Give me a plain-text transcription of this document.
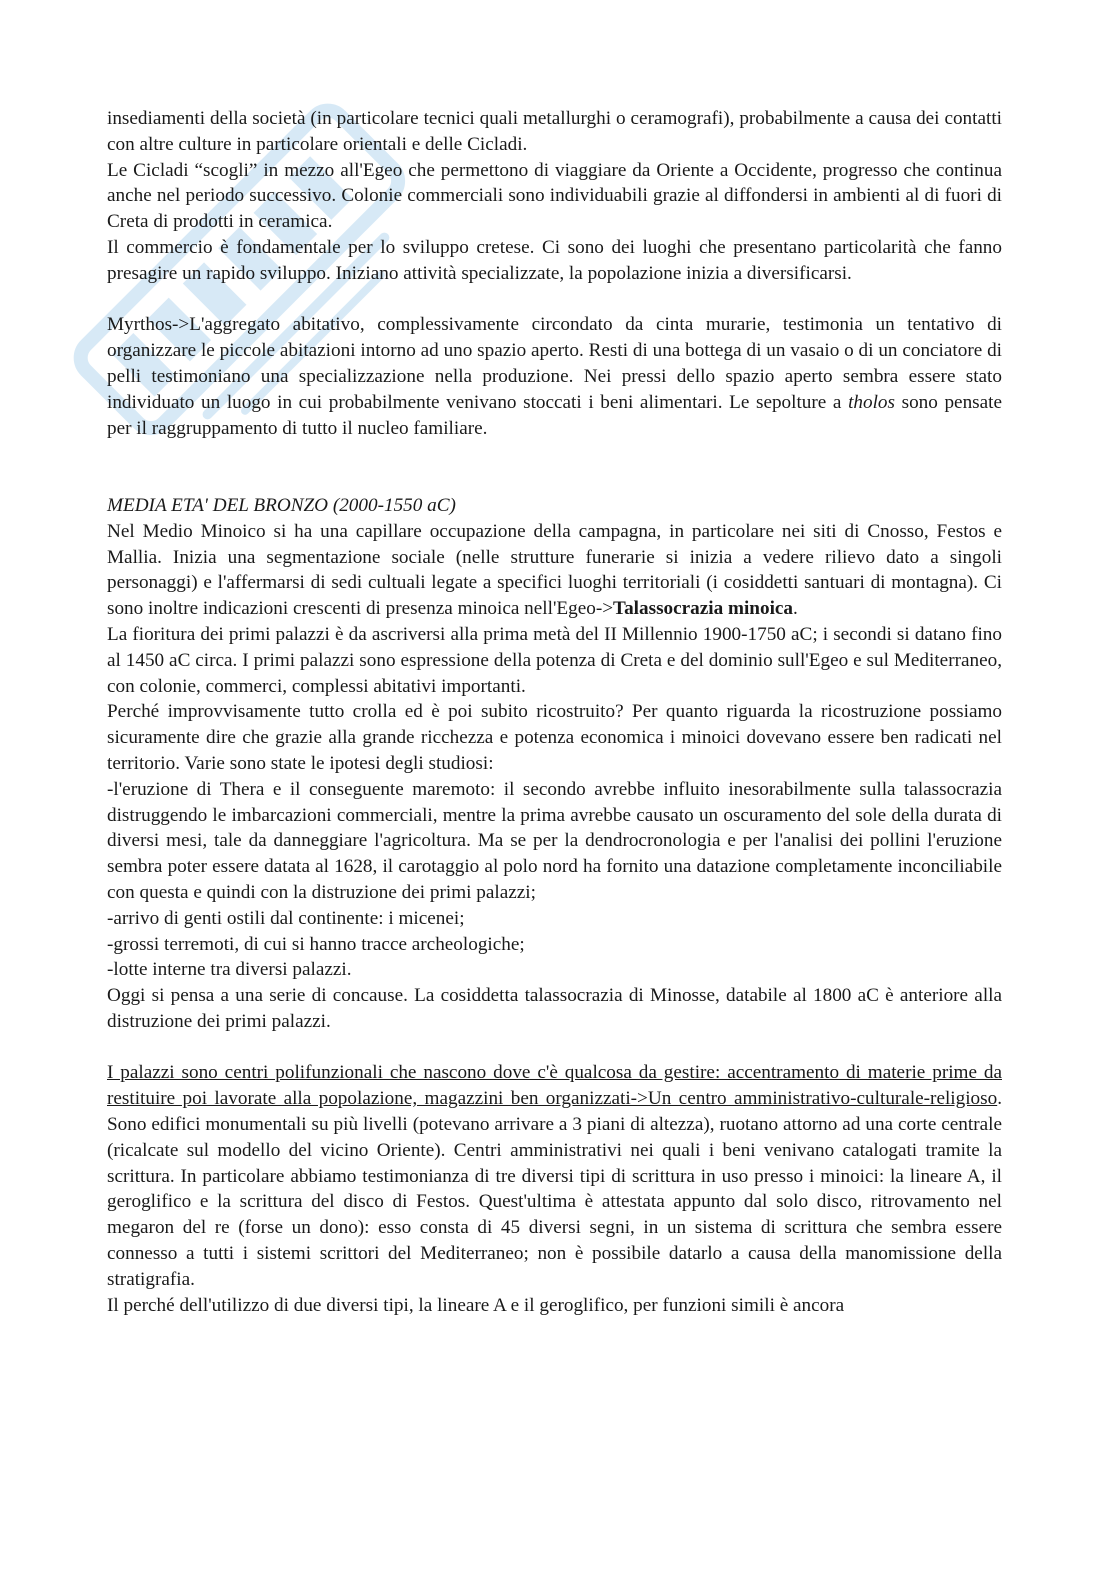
insediamenti della società (in particolare tecnici quali metallurghi o ceramografi), probabilmente a causa dei contatti con altre culture in particolare orientali e delle Cicladi.

Le Cicladi “scogli” in mezzo all'Egeo che permettono di viaggiare da Oriente a Occidente, progresso che continua anche nel periodo successivo. Colonie commerciali sono individuabili grazie al diffondersi in ambienti al di fuori di Creta di prodotti in ceramica.

Il commercio è fondamentale per lo sviluppo cretese. Ci sono dei luoghi che presentano particolarità che fanno presagire un rapido sviluppo. Iniziano attività specializzate, la popolazione inizia a diversificarsi.

Myrthos->L'aggregato abitativo, complessivamente circondato da cinta murarie, testimonia un tentativo di organizzare le piccole abitazioni intorno ad uno spazio aperto. Resti di una bottega di un vasaio o di un conciatore di pelli testimoniano una specializzazione nella produzione. Nei pressi dello spazio aperto sembra essere stato individuato un luogo in cui probabilmente venivano stoccati i beni alimentari. Le sepolture a tholos sono pensate per il raggruppamento di tutto il nucleo familiare.

MEDIA ETA' DEL BRONZO (2000-1550 aC)

Nel Medio Minoico si ha una capillare occupazione della campagna, in particolare nei siti di Cnosso, Festos e Mallia. Inizia una segmentazione sociale (nelle strutture funerarie si inizia a vedere rilievo dato a singoli personaggi) e l'affermarsi di sedi cultuali legate a specifici luoghi territoriali (i cosiddetti santuari di montagna). Ci sono inoltre indicazioni crescenti di presenza minoica nell'Egeo->Talassocrazia minoica.

La fioritura dei primi palazzi è da ascriversi alla prima metà del II Millennio 1900-1750 aC; i secondi si datano fino al 1450 aC circa. I primi palazzi sono espressione della potenza di Creta e del dominio sull'Egeo e sul Mediterraneo, con colonie, commerci, complessi abitativi importanti.

Perché improvvisamente tutto crolla ed è poi subito ricostruito? Per quanto riguarda la ricostruzione possiamo sicuramente dire che grazie alla grande ricchezza e potenza economica i minoici dovevano essere ben radicati nel territorio. Varie sono state le ipotesi degli studiosi:

-l'eruzione di Thera e il conseguente maremoto: il secondo avrebbe influito inesorabilmente sulla talassocrazia distruggendo le imbarcazioni commerciali, mentre la prima avrebbe causato un oscuramento del sole della durata di diversi mesi, tale da danneggiare l'agricoltura. Ma se per la dendrocronologia e per l'analisi dei pollini l'eruzione sembra poter essere datata al 1628, il carotaggio al polo nord ha fornito una datazione completamente inconciliabile con questa e quindi con la distruzione dei primi palazzi;

-arrivo di genti ostili dal continente: i micenei;

-grossi terremoti, di cui si hanno tracce archeologiche;

-lotte interne tra diversi palazzi.

Oggi si pensa a una serie di concause. La cosiddetta talassocrazia di Minosse, databile al 1800 aC è anteriore alla distruzione dei primi palazzi.

I palazzi sono centri polifunzionali che nascono dove c'è qualcosa da gestire: accentramento di materie prime da restituire poi lavorate alla popolazione, magazzini ben organizzati->Un centro amministrativo-culturale-religioso. Sono edifici monumentali su più livelli (potevano arrivare a 3 piani di altezza), ruotano attorno ad una corte centrale (ricalcate sul modello del vicino Oriente). Centri amministrativi nei quali i beni venivano catalogati tramite la scrittura. In particolare abbiamo testimonianza di tre diversi tipi di scrittura in uso presso i minoici: la lineare A, il geroglifico e la scrittura del disco di Festos. Quest'ultima è attestata appunto dal solo disco, ritrovamento nel megaron del re (forse un dono): esso consta di 45 diversi segni, in un sistema di scrittura che sembra essere connesso a tutti i sistemi scrittori del Mediterraneo; non è possibile datarlo a causa della manomissione della stratigrafia.

Il perché dell'utilizzo di due diversi tipi, la lineare A e il geroglifico, per funzioni simili è ancora
